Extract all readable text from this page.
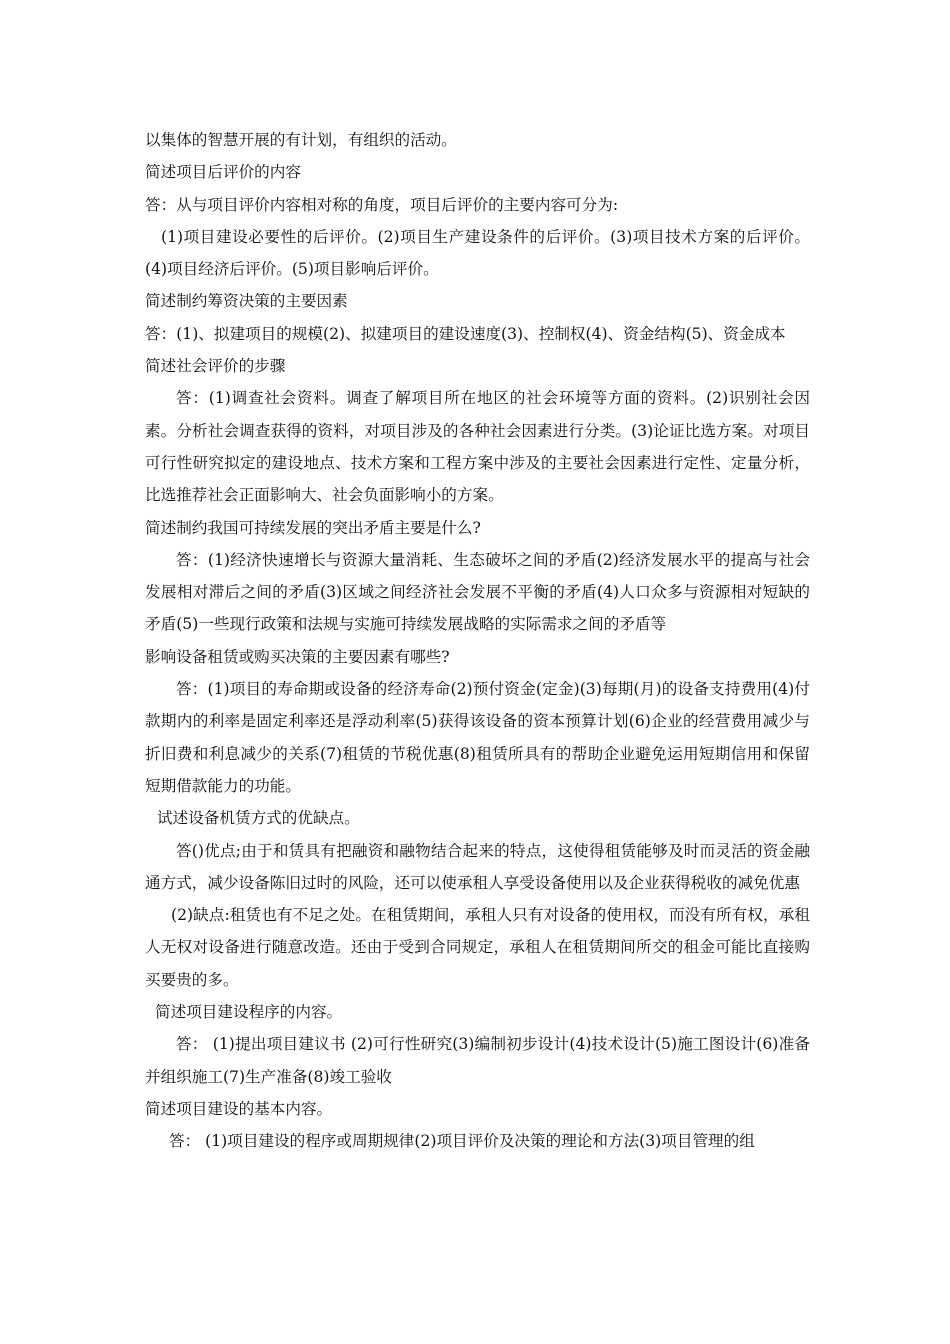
以集体的智慧开展的有计划，有组织的活动。

简述项目后评价的内容

答：从与项目评价内容相对称的角度，项目后评价的主要内容可分为:

(1)项目建设必要性的后评价。(2)项目生产建设条件的后评价。(3)项目技术方案的后评价。(4)项目经济后评价。(5)项目影响后评价。

简述制约筹资决策的主要因素

答：(1)、拟建项目的规模(2)、拟建项目的建设速度(3)、控制权(4)、资金结构(5)、资金成本

简述社会评价的步骤

答：(1)调查社会资料。调查了解项目所在地区的社会环境等方面的资料。(2)识别社会因素。分析社会调查获得的资料，对项目涉及的各种社会因素进行分类。(3)论证比选方案。对项目可行性研究拟定的建设地点、技术方案和工程方案中涉及的主要社会因素进行定性、定量分析，比选推荐社会正面影响大、社会负面影响小的方案。

简述制约我国可持续发展的突出矛盾主要是什么?

答：(1)经济快速增长与资源大量消耗、生态破坏之间的矛盾(2)经济发展水平的提高与社会发展相对滞后之间的矛盾(3)区域之间经济社会发展不平衡的矛盾(4)人口众多与资源相对短缺的矛盾(5)一些现行政策和法规与实施可持续发展战略的实际需求之间的矛盾等

影响设备租赁或购买决策的主要因素有哪些?

答：(1)项目的寿命期或设备的经济寿命(2)预付资金(定金)(3)每期(月)的设备支持费用(4)付款期内的利率是固定利率还是浮动利率(5)获得该设备的资本预算计划(6)企业的经营费用减少与折旧费和利息减少的关系(7)租赁的节税优惠(8)租赁所具有的帮助企业避免运用短期信用和保留短期借款能力的功能。

试述设备机赁方式的优缺点。

答()优点;由于和赁具有把融资和融物结合起来的特点，这使得租赁能够及时而灵活的资金融通方式，减少设备陈旧过时的风险，还可以使承租人享受设备使用以及企业获得税收的减免优惠

(2)缺点:租赁也有不足之处。在租赁期间，承租人只有对设备的使用权，而没有所有权，承租人无权对设备进行随意改造。还由于受到合同规定，承租人在租赁期间所交的租金可能比直接购买要贵的多。

简述项目建设程序的内容。

答： (1)提出项目建议书 (2)可行性研究(3)编制初步设计(4)技术设计(5)施工图设计(6)准备并组织施工(7)生产准备(8)竣工验收

简述项目建设的基本内容。

答： (1)项目建设的程序或周期规律(2)项目评价及决策的理论和方法(3)项目管理的组
